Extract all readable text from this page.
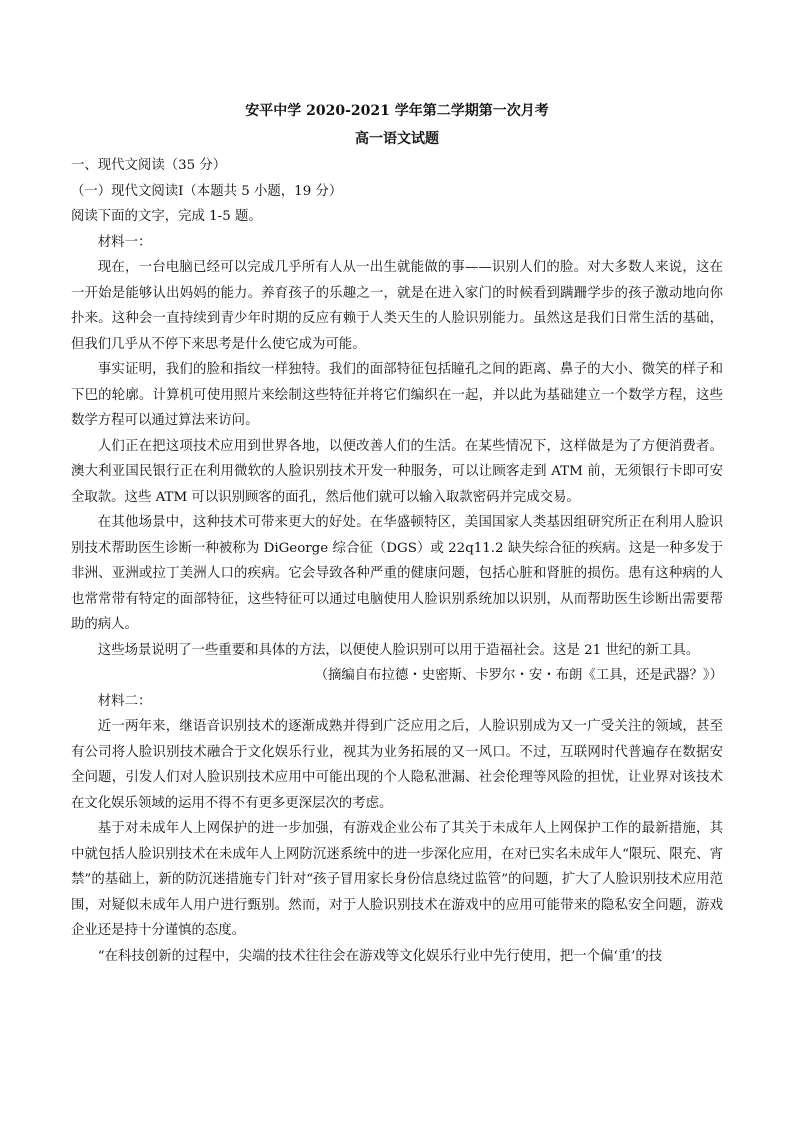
安平中学 2020-2021 学年第二学期第一次月考

高一语文试题

一、现代文阅读（35 分）

（一）现代文阅读Ⅰ（本题共 5 小题，19 分）

阅读下面的文字，完成 1-5 题。

材料一：

现在，一台电脑已经可以完成几乎所有人从一出生就能做的事——识别人们的脸。对大多数人来说，这在一开始是能够认出妈妈的能力。养育孩子的乐趣之一，就是在进入家门的时候看到蹒跚学步的孩子激动地向你扑来。这种会一直持续到青少年时期的反应有赖于人类天生的人脸识别能力。虽然这是我们日常生活的基础，但我们几乎从不停下来思考是什么使它成为可能。

事实证明，我们的脸和指纹一样独特。我们的面部特征包括瞳孔之间的距离、鼻子的大小、微笑的样子和下巴的轮廓。计算机可使用照片来绘制这些特征并将它们编织在一起，并以此为基础建立一个数学方程，这些数学方程可以通过算法来访问。

人们正在把这项技术应用到世界各地，以便改善人们的生活。在某些情况下，这样做是为了方便消费者。澳大利亚国民银行正在利用微软的人脸识别技术开发一种服务，可以让顾客走到 ATM 前，无须银行卡即可安全取款。这些 ATM 可以识别顾客的面孔，然后他们就可以输入取款密码并完成交易。

在其他场景中，这种技术可带来更大的好处。在华盛顿特区，美国国家人类基因组研究所正在利用人脸识别技术帮助医生诊断一种被称为 DiGeorge 综合征（DGS）或 22q11.2 缺失综合征的疾病。这是一种多发于非洲、亚洲或拉丁美洲人口的疾病。它会导致各种严重的健康问题，包括心脏和肾脏的损伤。患有这种病的人也常常带有特定的面部特征，这些特征可以通过电脑使用人脸识别系统加以识别，从而帮助医生诊断出需要帮助的病人。

这些场景说明了一些重要和具体的方法，以便使人脸识别可以用于造福社会。这是 21 世纪的新工具。

（摘编自布拉德・史密斯、卡罗尔・安・布朗《工具，还是武器？》）

材料二：

近一两年来，继语音识别技术的逐渐成熟并得到广泛应用之后，人脸识别成为又一广受关注的领域，甚至有公司将人脸识别技术融合于文化娱乐行业，视其为业务拓展的又一风口。不过，互联网时代普遍存在数据安全问题，引发人们对人脸识别技术应用中可能出现的个人隐私泄漏、社会伦理等风险的担忧，让业界对该技术在文化娱乐领域的运用不得不有更多更深层次的考虑。

基于对未成年人上网保护的进一步加强，有游戏企业公布了其关于未成年人上网保护工作的最新措施，其中就包括人脸识别技术在未成年人上网防沉迷系统中的进一步深化应用，在对已实名未成年人“限玩、限充、宵禁”的基础上，新的防沉迷措施专门针对“孩子冒用家长身份信息绕过监管”的问题，扩大了人脸识别技术应用范围，对疑似未成年人用户进行甄别。然而，对于人脸识别技术在游戏中的应用可能带来的隐私安全问题，游戏企业还是持十分谨慎的态度。

“在科技创新的过程中，尖端的技术往往会在游戏等文化娱乐行业中先行使用，把一个偏‘重’的技
